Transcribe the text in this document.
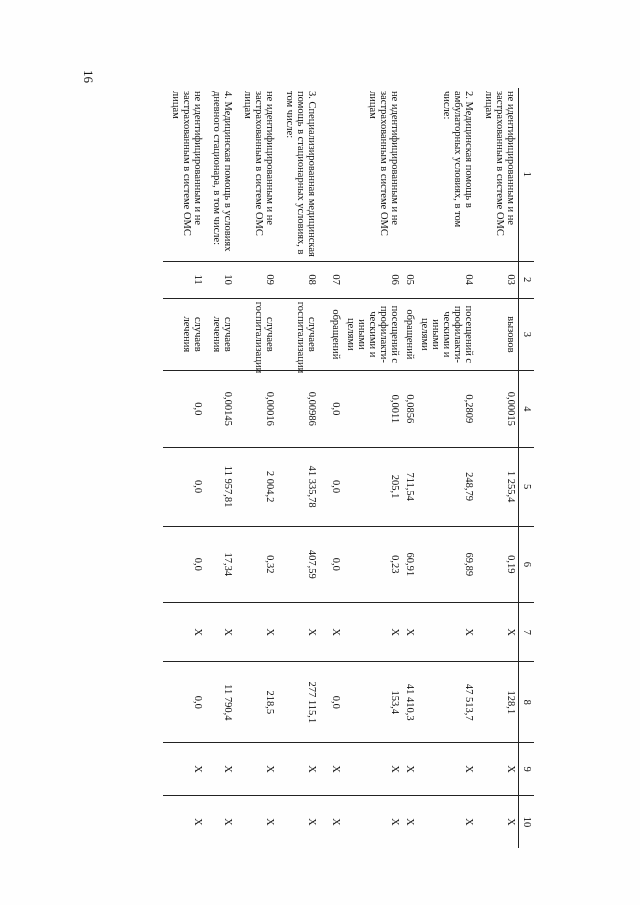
16
1	2	3	4	5	6	7	8	9	10
не идентифицированным и не застрахованным в системе ОМС лицам	03	вызовов	0,00015	1 255,4	0,19	X	128,1	X	X
2. Медицинская помощь в амбулаторных условиях, в том числе:	04	посещений с профилакти-ческими и иными целями	0,2809	248,79	69,89	X	47 513,7	X	X
	05	обращений	0,0856	711,54	60,91	X	41 410,3	X	X
не идентифицированным и не застрахованным в системе ОМС лицам	06	посещений с профилакти-ческими и иными целями	0,0011	205,1	0,23	X	153,4	X	X
	07	обращений	0,0	0,0	0,0	X	0,0	X	X
3. Специализированная медицинская помощь в стационарных условиях, в том числе:	08	случаев госпитализации	0,00986	41 335,78	407,59	X	277 115,1	X	X
не идентифицированным и не застрахованным в системе ОМС лицам	09	случаев госпитализации	0,00016	2 004,2	0,32	X	218,5	X	X
4. Медицинская помощь в условиях дневного стационара, в том числе:	10	случаев лечения	0,00145	11 957,81	17,34	X	11 790,4	X	X
не идентифицированным и не застрахованным в системе ОМС лицам	11	случаев лечения	0,0	0,0	0,0	X	0,0	X	X
